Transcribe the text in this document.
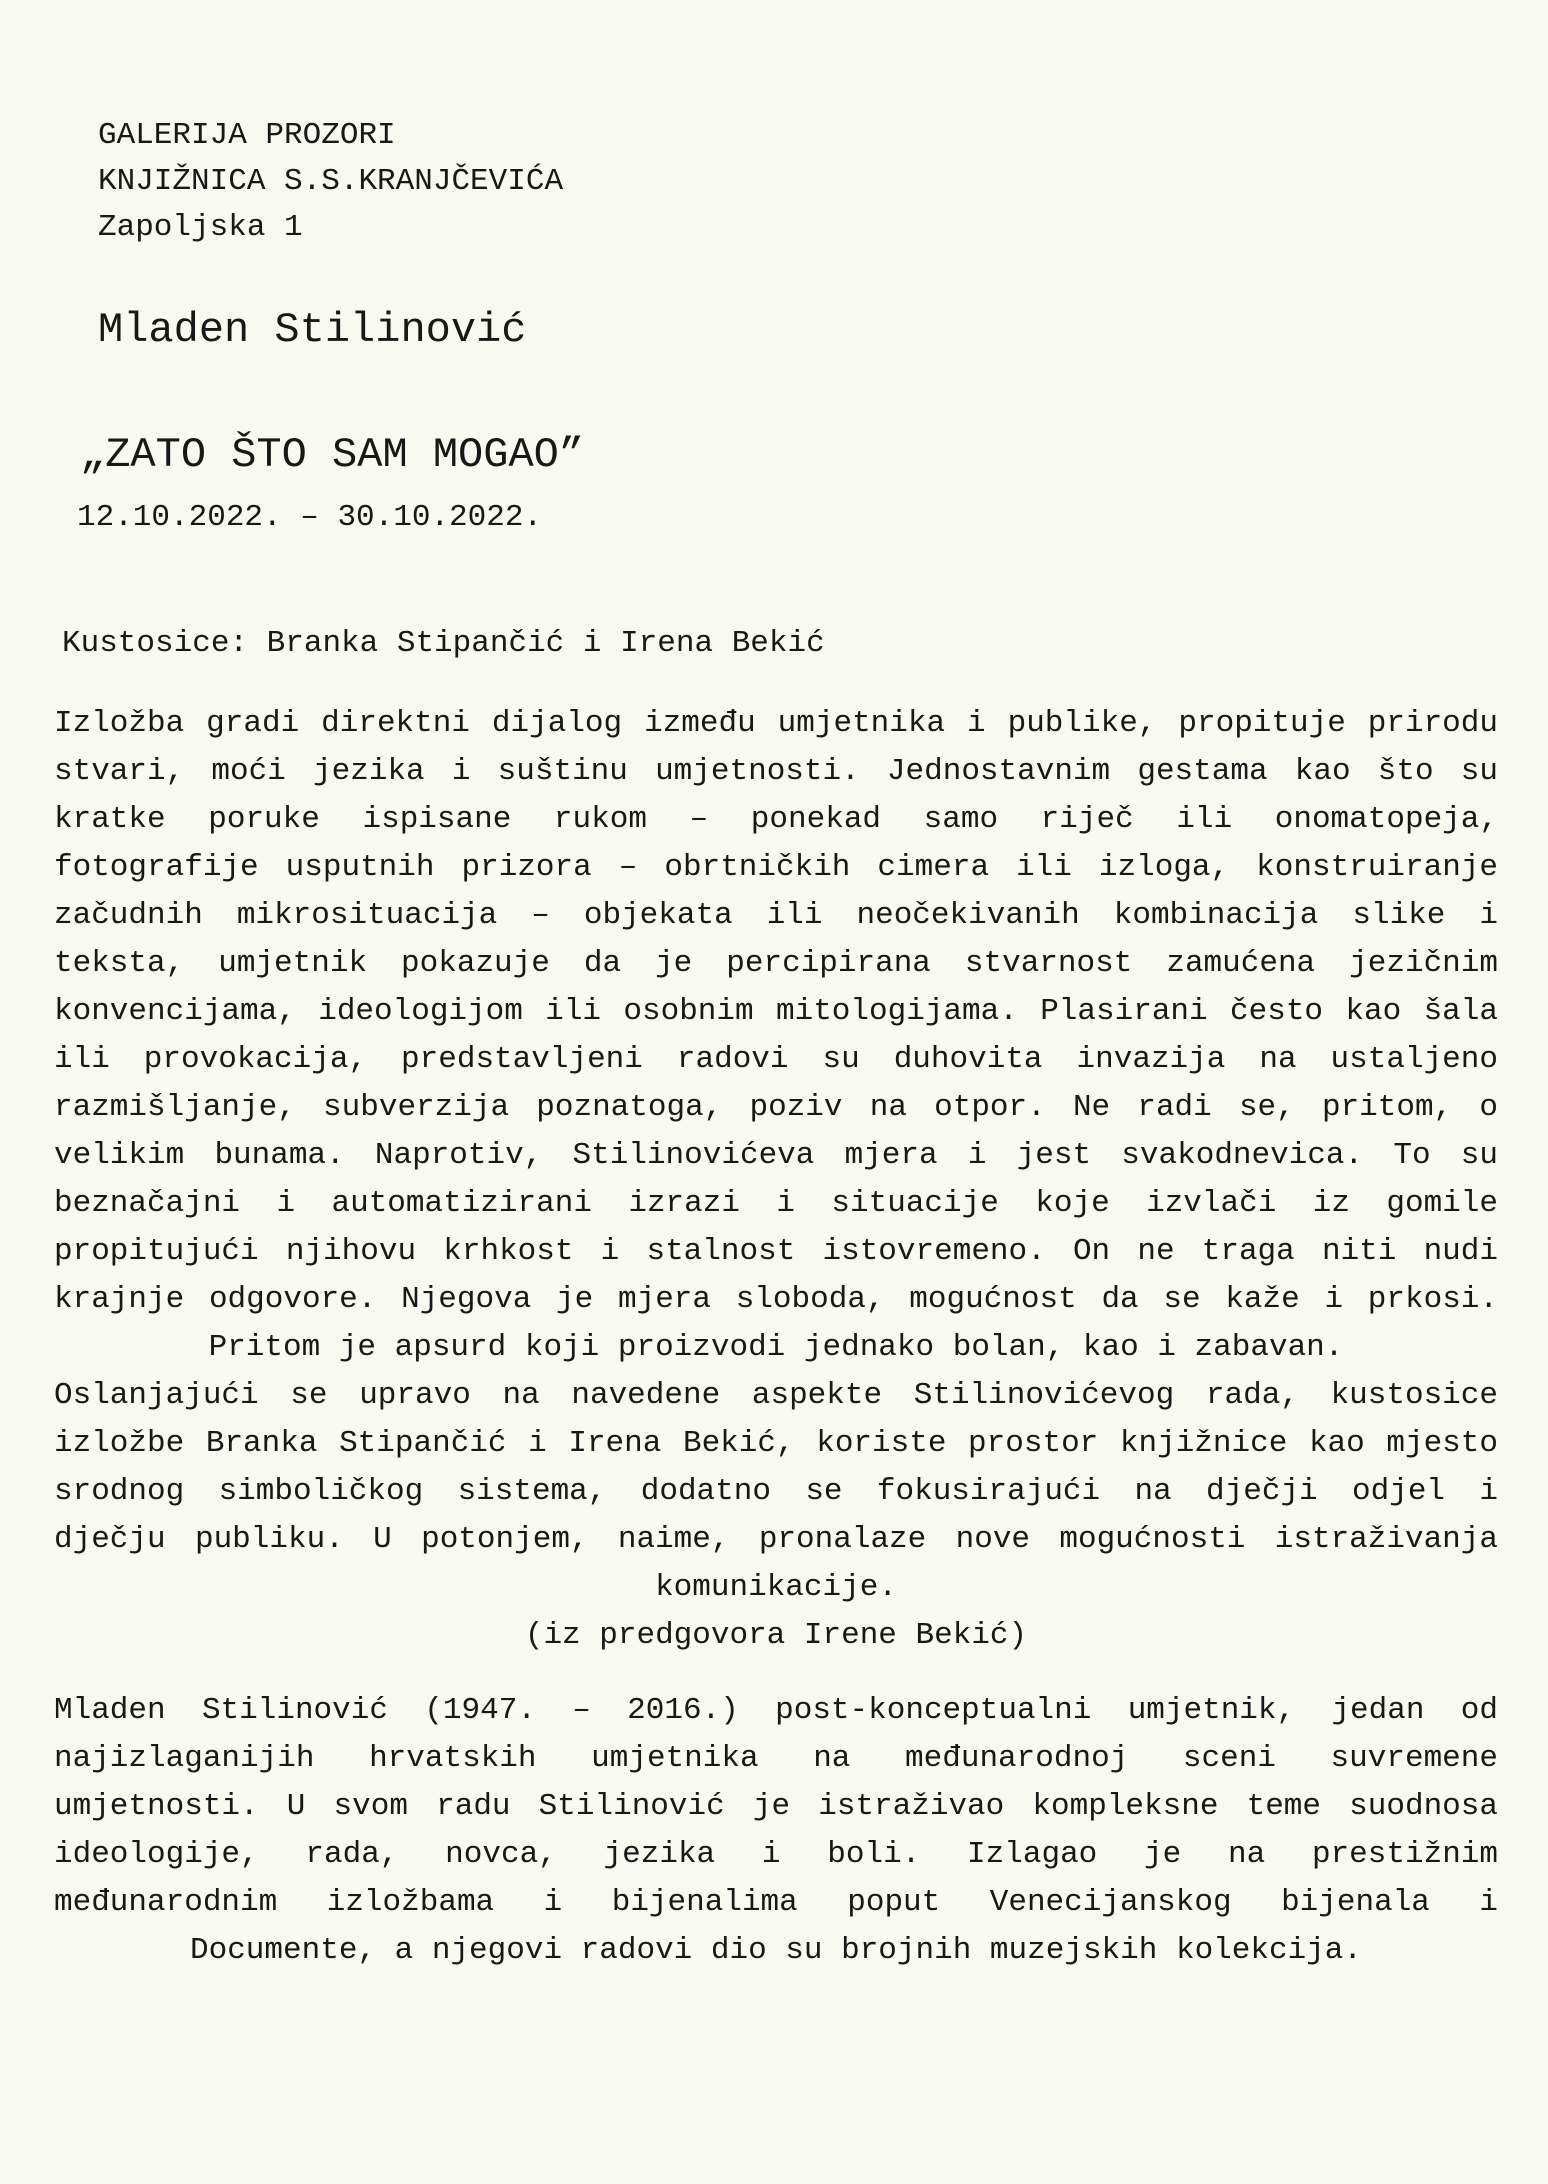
GALERIJA PROZORI
KNJIŽNICA S.S.KRANJČEVIĆA
Zapoljska 1
Mladen Stilinović
„ZATO ŠTO SAM MOGAO”
12.10.2022. – 30.10.2022.
Kustosice: Branka Stipančić i Irena Bekić
Izložba gradi direktni dijalog između umjetnika i publike, propituje prirodu
stvari, moći jezika i suštinu umjetnosti. Jednostavnim gestama kao što su
kratke poruke ispisane rukom – ponekad samo riječ ili onomatopeja,
fotografije usputnih prizora – obrtničkih cimera ili izloga, konstruiranje
začudnih mikrosituacija – objekata ili neočekivanih kombinacija slike i
teksta, umjetnik pokazuje da je percipirana stvarnost zamućena jezičnim
konvencijama, ideologijom ili osobnim mitologijama. Plasirani često kao šala
ili provokacija, predstavljeni radovi su duhovita invazija na ustaljeno
razmišljanje, subverzija poznatoga, poziv na otpor. Ne radi se, pritom, o
velikim bunama. Naprotiv, Stilinovićeva mjera i jest svakodnevica. To su
beznačajni i automatizirani izrazi i situacije koje izvlači iz gomile
propitujući njihovu krhkost i stalnost istovremeno. On ne traga niti nudi
krajnje odgovore. Njegova je mjera sloboda, mogućnost da se kaže i prkosi.
Pritom je apsurd koji proizvodi jednako bolan, kao i zabavan.
Oslanjajući se upravo na navedene aspekte Stilinovićevog rada, kustosice
izložbe Branka Stipančić i Irena Bekić, koriste prostor knjižnice kao mjesto
srodnog simboličkog sistema, dodatno se fokusirajući na dječji odjel i
dječju publiku. U potonjem, naime, pronalaze nove mogućnosti istraživanja
komunikacije.
(iz predgovora Irene Bekić)
Mladen Stilinović (1947. – 2016.) post-konceptualni umjetnik, jedan od
najizlaganijih hrvatskih umjetnika na međunarodnoj sceni suvremene
umjetnosti. U svom radu Stilinović je istraživao kompleksne teme suodnosa
ideologije, rada, novca, jezika i boli. Izlagao je na prestižnim
međunarodnim izložbama i bijenalima poput Venecijanskog bijenala i
Documente, a njegovi radovi dio su brojnih muzejskih kolekcija.
